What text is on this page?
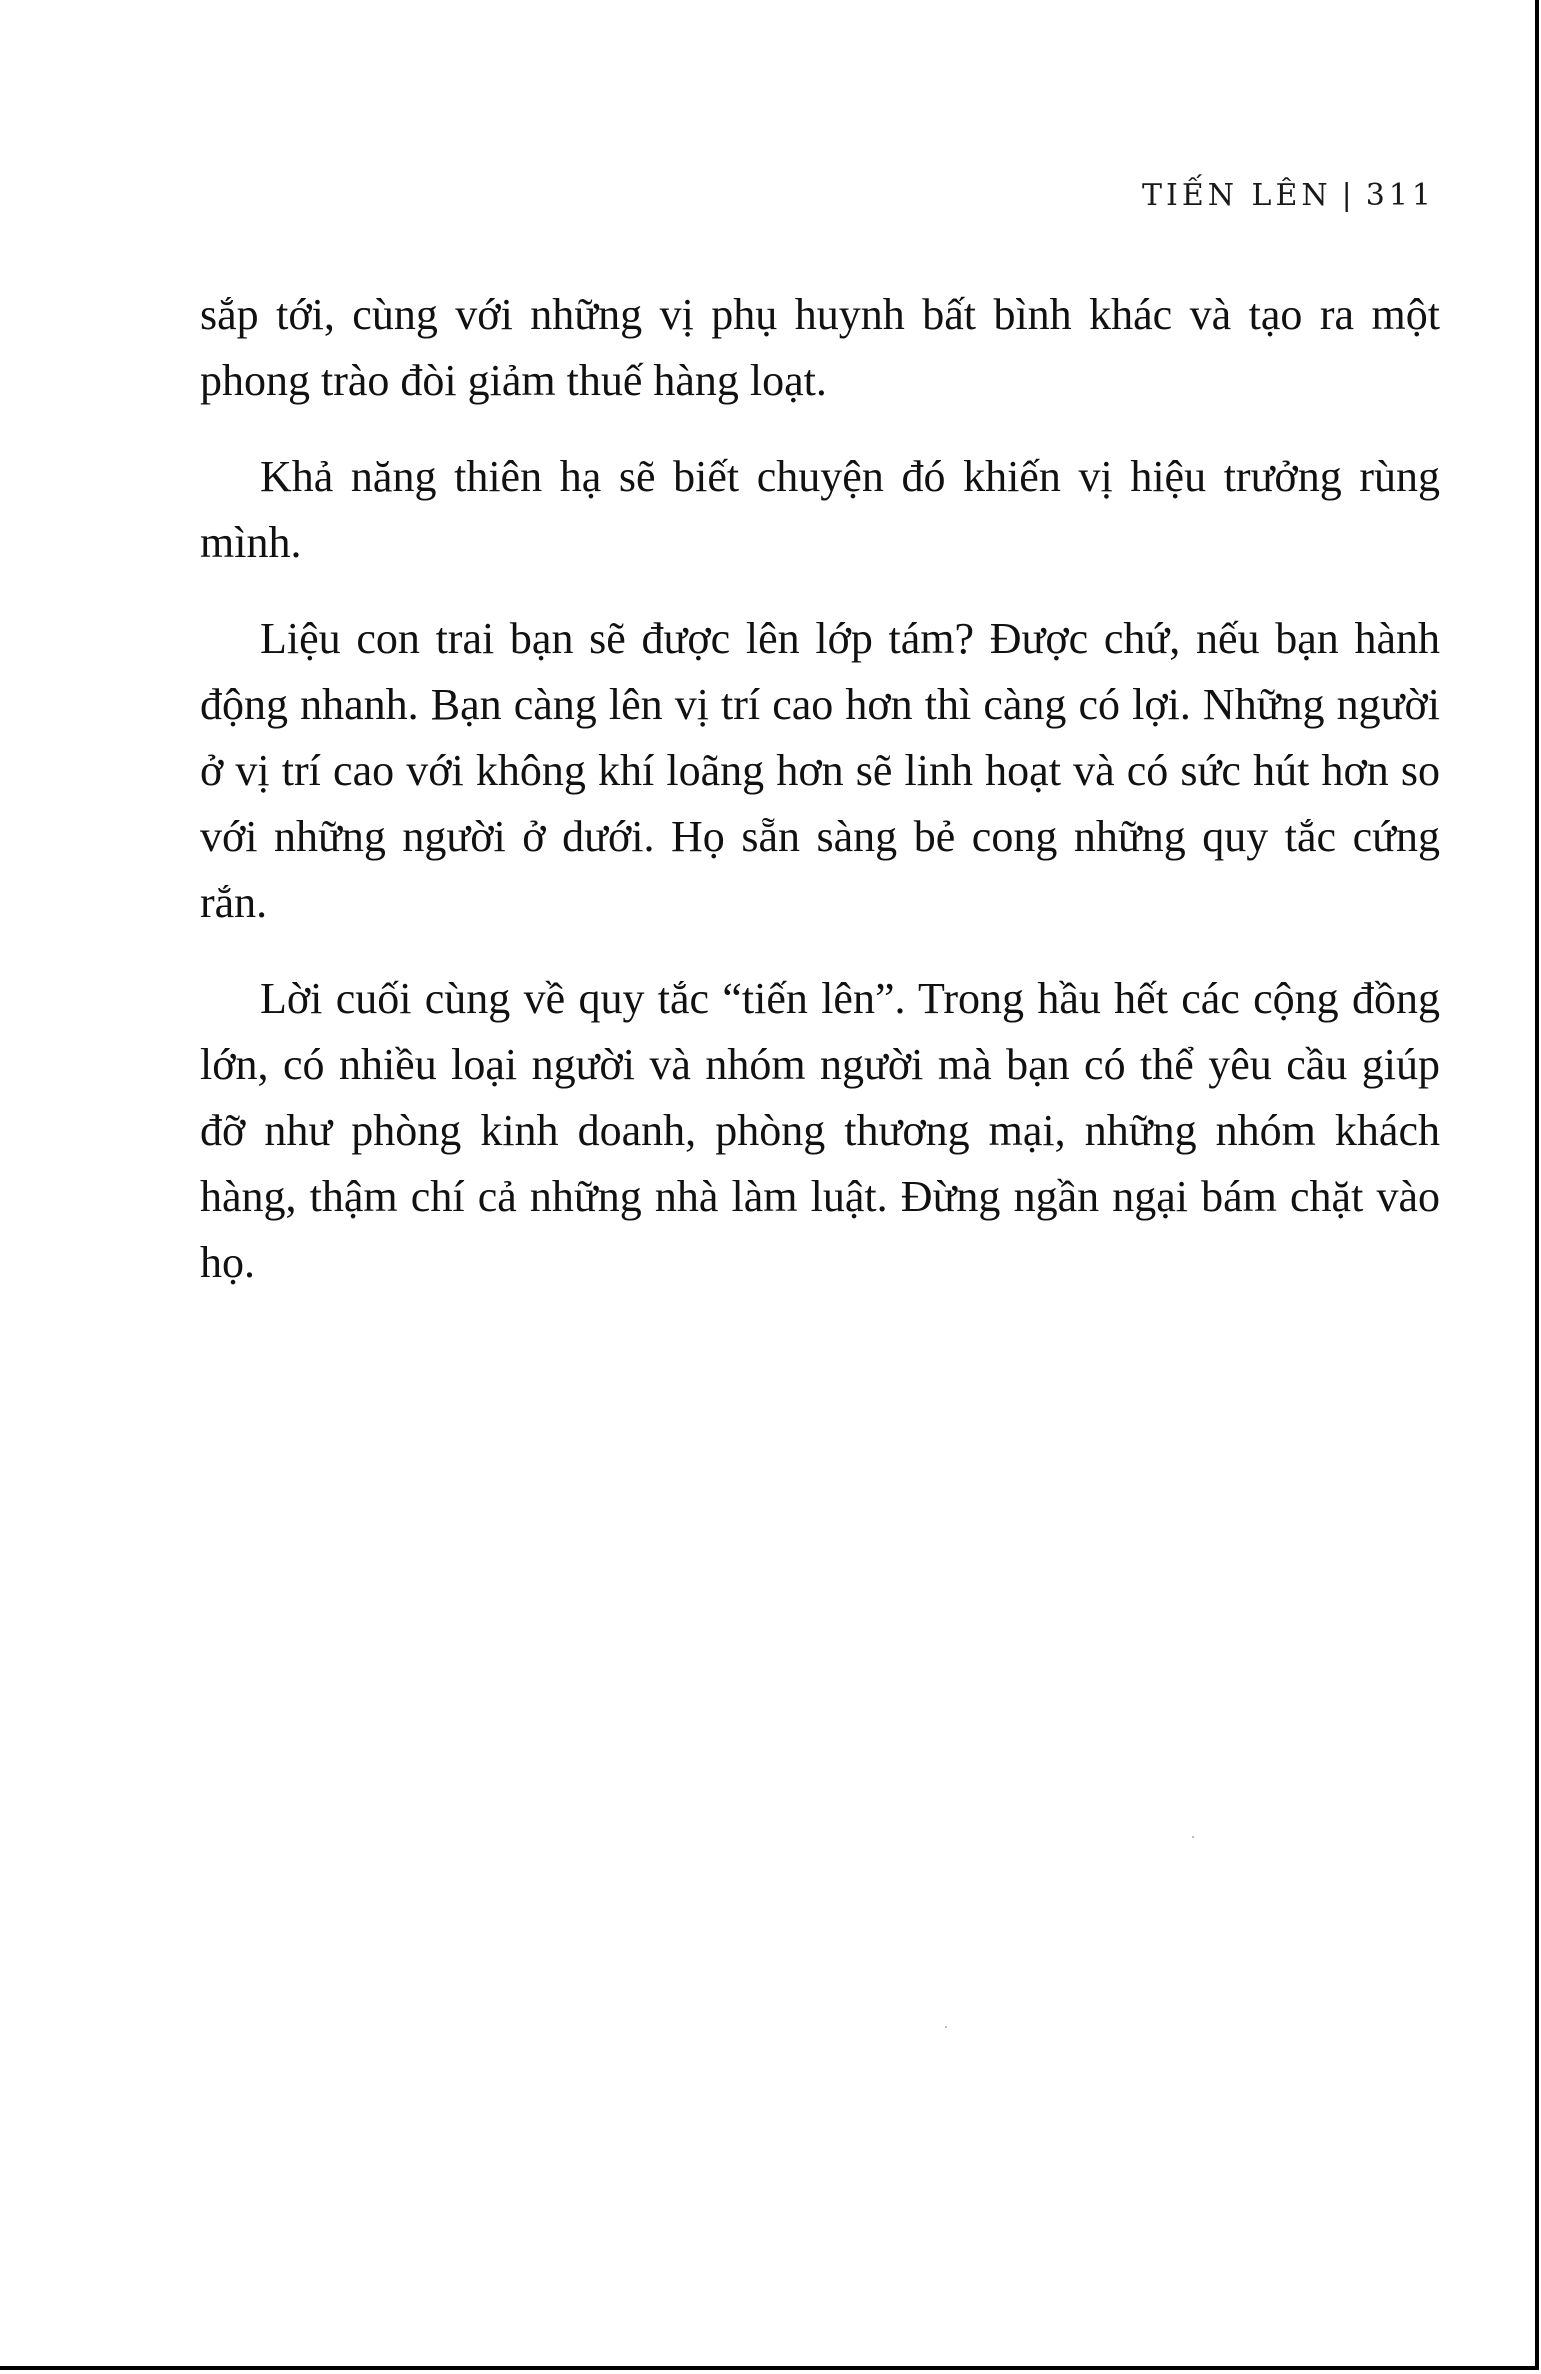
TIẾN LÊN | 311

sắp tới, cùng với những vị phụ huynh bất bình khác và tạo ra một phong trào đòi giảm thuế hàng loạt.

Khả năng thiên hạ sẽ biết chuyện đó khiến vị hiệu trưởng rùng mình.

Liệu con trai bạn sẽ được lên lớp tám? Được chứ, nếu bạn hành động nhanh. Bạn càng lên vị trí cao hơn thì càng có lợi. Những người ở vị trí cao với không khí loãng hơn sẽ linh hoạt và có sức hút hơn so với những người ở dưới. Họ sẵn sàng bẻ cong những quy tắc cứng rắn.

Lời cuối cùng về quy tắc “tiến lên”. Trong hầu hết các cộng đồng lớn, có nhiều loại người và nhóm người mà bạn có thể yêu cầu giúp đỡ như phòng kinh doanh, phòng thương mại, những nhóm khách hàng, thậm chí cả những nhà làm luật. Đừng ngần ngại bám chặt vào họ.
